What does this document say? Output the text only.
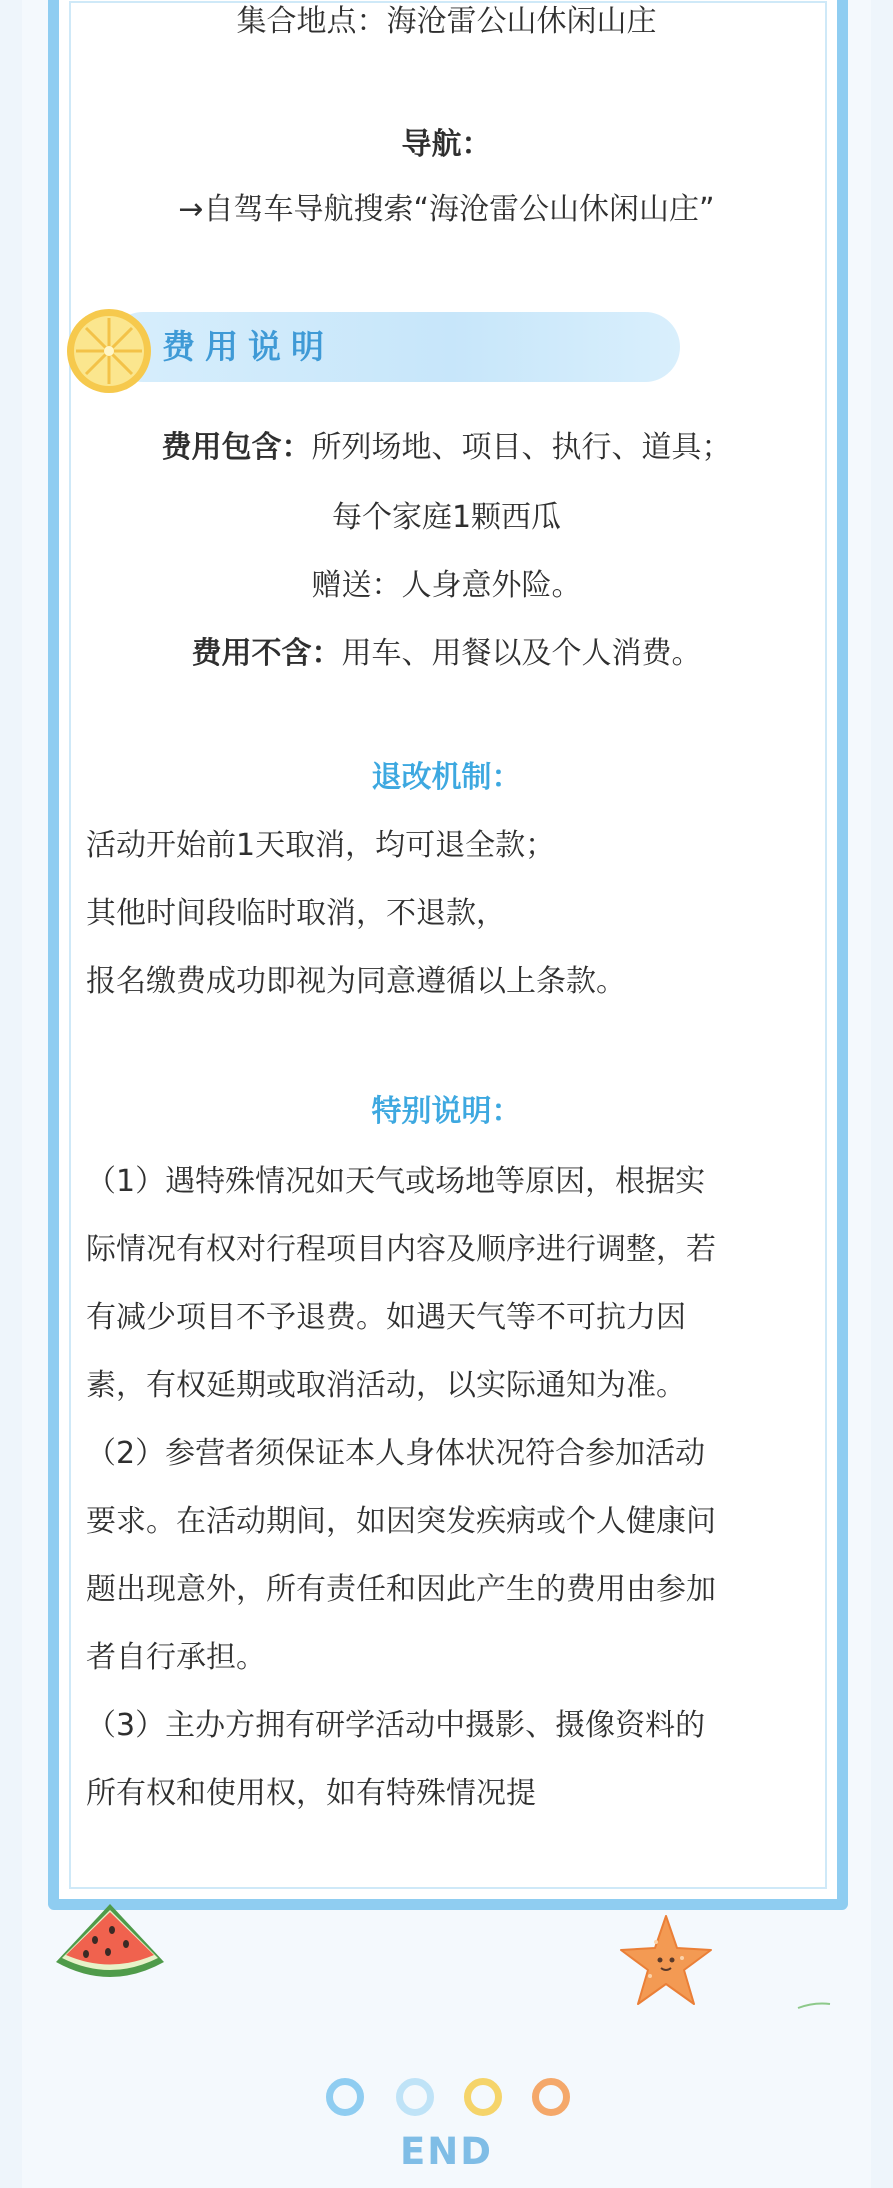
集合地点：海沧雷公山休闲山庄
导航：
→自驾车导航搜索“海沧雷公山休闲山庄”
费用说明
费用包含：所列场地、项目、执行、道具；
每个家庭1颗西瓜
赠送：人身意外险。
费用不含：用车、用餐以及个人消费。
退改机制：
活动开始前1天取消，均可退全款；
其他时间段临时取消，不退款，
报名缴费成功即视为同意遵循以上条款。
特别说明：
（1）遇特殊情况如天气或场地等原因，根据实
际情况有权对行程项目内容及顺序进行调整，若
有减少项目不予退费。如遇天气等不可抗力因
素，有权延期或取消活动，以实际通知为准。
（2）参营者须保证本人身体状况符合参加活动
要求。在活动期间，如因突发疾病或个人健康问
题出现意外，所有责任和因此产生的费用由参加
者自行承担。
（3）主办方拥有研学活动中摄影、摄像资料的
所有权和使用权，如有特殊情况提
END
